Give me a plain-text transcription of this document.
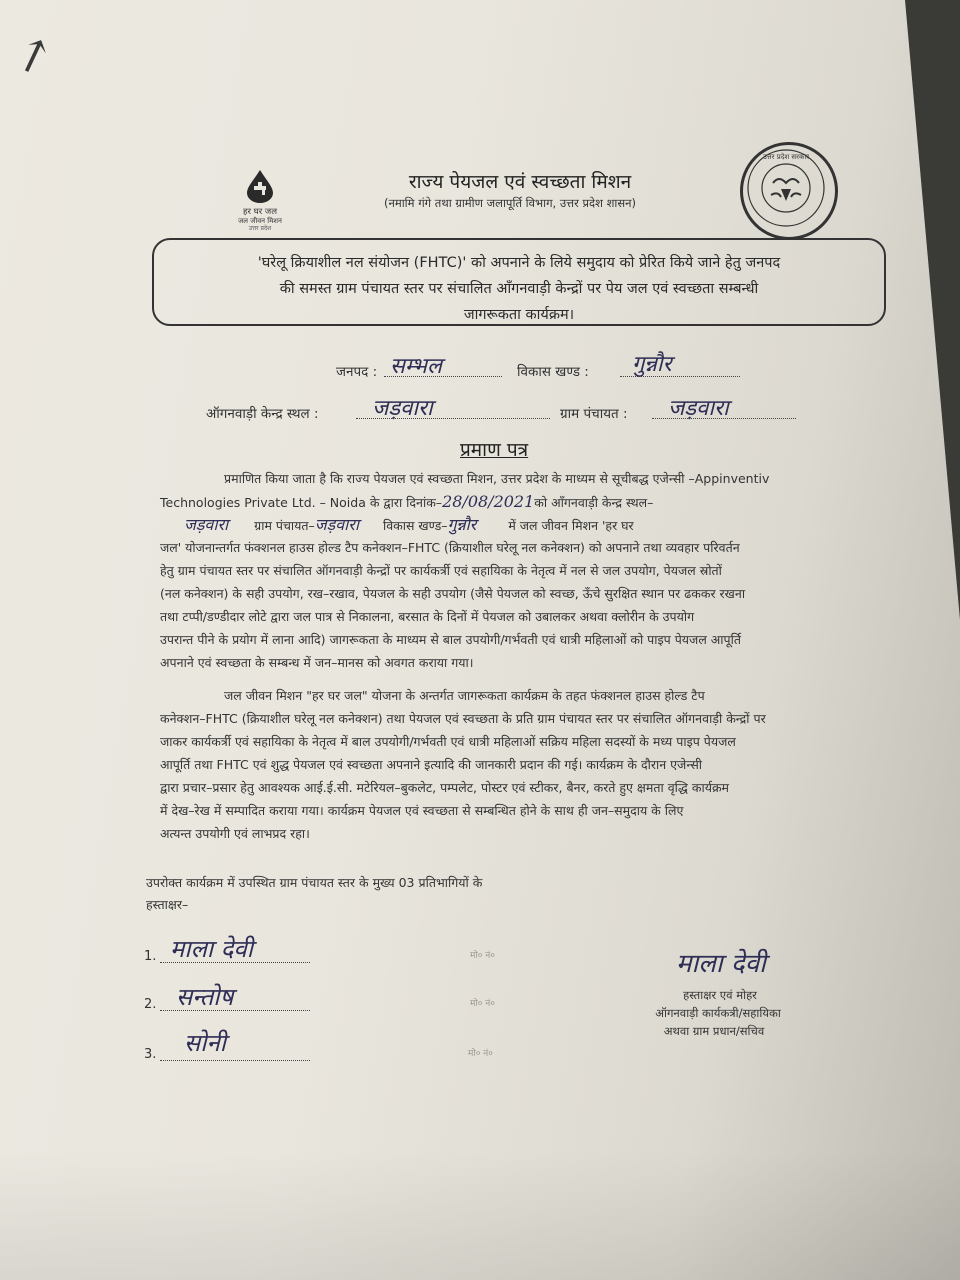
↗
हर घर जल
जल जीवन मिशन
उत्तर प्रदेश
राज्य पेयजल एवं स्वच्छता मिशन
(नमामि गंगे तथा ग्रामीण जलापूर्ति विभाग, उत्तर प्रदेश शासन)
उत्तर प्रदेश सरकार
'घरेलू क्रियाशील नल संयोजन (FHTC)' को अपनाने के लिये समुदाय को प्रेरित किये जाने हेतु जनपद
की समस्त ग्राम पंचायत स्तर पर संचालित आँगनवाड़ी केन्द्रों पर पेय जल एवं स्वच्छता सम्बन्धी
जागरूकता कार्यक्रम।
जनपद : सम्भल	विकास खण्ड : गुन्नौर
ऑगनवाड़ी केन्द्र स्थल : जड़वारा	ग्राम पंचायत : जड़वारा
प्रमाण पत्र
प्रमाणित किया जाता है कि राज्य पेयजल एवं स्वच्छता मिशन, उत्तर प्रदेश के माध्यम से सूचीबद्ध एजेन्सी –Appinventiv
Technologies Private Ltd. – Noida के द्वारा दिनांक–28/08/2021को आँगनवाड़ी केन्द्र स्थल–
जड़वारा ग्राम पंचायत–जड़वारा विकास खण्ड–गुन्नौर	में जल जीवन मिशन 'हर घर
जल' योजनान्तर्गत फंक्शनल हाउस होल्ड टैप कनेक्शन–FHTC (क्रियाशील घरेलू नल कनेक्शन) को अपनाने तथा व्यवहार परिवर्तन
हेतु ग्राम पंचायत स्तर पर संचालित ऑगनवाड़ी केन्द्रों पर कार्यकर्त्री एवं सहायिका के नेतृत्व में नल से जल उपयोग, पेयजल स्रोतों
(नल कनेक्शन) के सही उपयोग, रख–रखाव, पेयजल के सही उपयोग (जैसे पेयजल को स्वच्छ, ऊँचे सुरक्षित स्थान पर ढककर रखना
तथा टप्पी/डण्डीदार लोटे द्वारा जल पात्र से निकालना, बरसात के दिनों में पेयजल को उबालकर अथवा क्लोरीन के उपयोग
उपरान्त पीने के प्रयोग में लाना आदि) जागरूकता के माध्यम से बाल उपयोगी/गर्भवती एवं धात्री महिलाओं को पाइप पेयजल आपूर्ति
अपनाने एवं स्वच्छता के सम्बन्ध में जन–मानस को अवगत कराया गया।
जल जीवन मिशन "हर घर जल" योजना के अन्तर्गत जागरूकता कार्यक्रम के तहत फंक्शनल हाउस होल्ड टैप
कनेक्शन–FHTC (क्रियाशील घरेलू नल कनेक्शन) तथा पेयजल एवं स्वच्छता के प्रति ग्राम पंचायत स्तर पर संचालित ऑगनवाड़ी केन्द्रों पर
जाकर कार्यकर्त्री एवं सहायिका के नेतृत्व में बाल उपयोगी/गर्भवती एवं धात्री महिलाओं सक्रिय महिला सदस्यों के मध्य पाइप पेयजल
आपूर्ति तथा FHTC एवं शुद्ध पेयजल एवं स्वच्छता अपनाने इत्यादि की जानकारी प्रदान की गई। कार्यक्रम के दौरान एजेन्सी
द्वारा प्रचार–प्रसार हेतु आवश्यक आई.ई.सी. मटेरियल–बुकलेट, पम्पलेट, पोस्टर एवं स्टीकर, बैनर, करते हुए क्षमता वृद्धि कार्यक्रम
में देख–रेख में सम्पादित कराया गया। कार्यक्रम पेयजल एवं स्वच्छता से सम्बन्धित होने के साथ ही जन–समुदाय के लिए
अत्यन्त उपयोगी एवं लाभप्रद रहा।
उपरोक्त कार्यक्रम में उपस्थित ग्राम पंचायत स्तर के मुख्य 03 प्रतिभागियों के
हस्ताक्षर–
1. माला देवी	मो० नं०
2. सन्तोष	मो० नं०
3. सोनी	मो० नं०
माला देवी
हस्ताक्षर एवं मोहर
ऑगनवाड़ी कार्यकत्री/सहायिका
अथवा ग्राम प्रधान/सचिव
